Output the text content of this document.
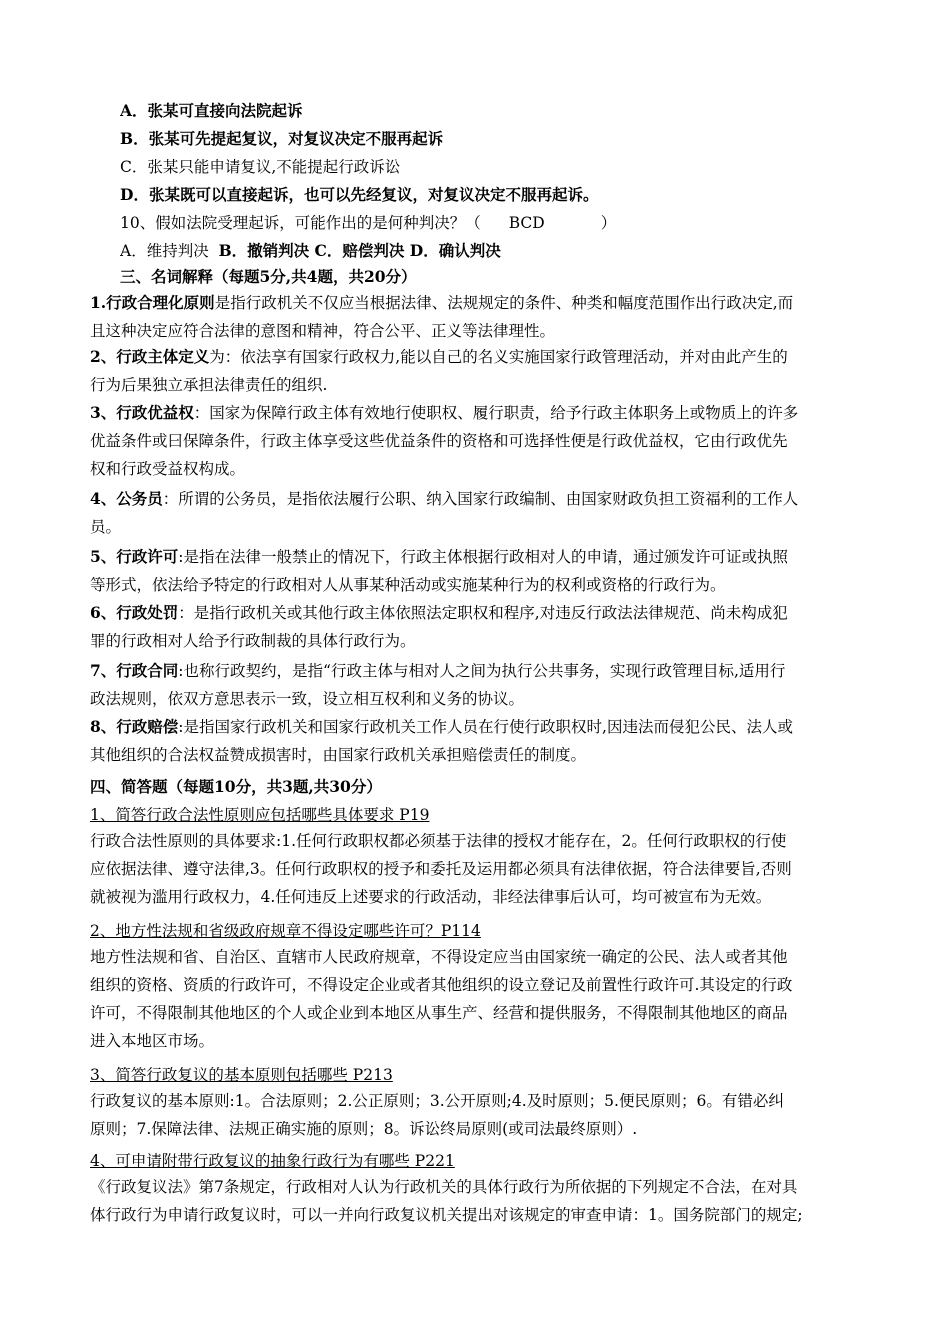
A．张某可直接向法院起诉
B．张某可先提起复议，对复议决定不服再起诉
C．张某只能申请复议,不能提起行政诉讼
D．张某既可以直接起诉，也可以先经复议，对复议决定不服再起诉。
10、假如法院受理起诉，可能作出的是何种判决？（ BCD	）
A．维持判决 B．撤销判决 C．赔偿判决 D．确认判决
三、名词解释（每题5分,共4题，共20分）
1.行政合理化原则是指行政机关不仅应当根据法律、法规规定的条件、种类和幅度范围作出行政决定,而
且这种决定应符合法律的意图和精神，符合公平、正义等法律理性。
2、行政主体定义为：依法享有国家行政权力,能以自己的名义实施国家行政管理活动，并对由此产生的
行为后果独立承担法律责任的组织.
3、行政优益权：国家为保障行政主体有效地行使职权、履行职责，给予行政主体职务上或物质上的许多
优益条件或曰保障条件，行政主体享受这些优益条件的资格和可选择性便是行政优益权，它由行政优先
权和行政受益权构成。
4、公务员：所谓的公务员，是指依法履行公职、纳入国家行政编制、由国家财政负担工资福利的工作人
员。
5、行政许可:是指在法律一般禁止的情况下，行政主体根据行政相对人的申请，通过颁发许可证或执照
等形式，依法给予特定的行政相对人从事某种活动或实施某种行为的权利或资格的行政行为。
6、行政处罚：是指行政机关或其他行政主体依照法定职权和程序,对违反行政法法律规范、尚未构成犯
罪的行政相对人给予行政制裁的具体行政行为。
7、行政合同:也称行政契约，是指“行政主体与相对人之间为执行公共事务，实现行政管理目标,适用行
政法规则，依双方意思表示一致，设立相互权利和义务的协议。
8、行政赔偿:是指国家行政机关和国家行政机关工作人员在行使行政职权时,因违法而侵犯公民、法人或
其他组织的合法权益赞成损害时，由国家行政机关承担赔偿责任的制度。
四、简答题（每题10分，共3题,共30分）
1、简答行政合法性原则应包括哪些具体要求 P19
行政合法性原则的具体要求:1.任何行政职权都必须基于法律的授权才能存在，2。任何行政职权的行使
应依据法律、遵守法律,3。任何行政职权的授予和委托及运用都必须具有法律依据，符合法律要旨,否则
就被视为滥用行政权力，4.任何违反上述要求的行政活动，非经法律事后认可，均可被宣布为无效。
2、地方性法规和省级政府规章不得设定哪些许可？P114
地方性法规和省、自治区、直辖市人民政府规章，不得设定应当由国家统一确定的公民、法人或者其他
组织的资格、资质的行政许可，不得设定企业或者其他组织的设立登记及前置性行政许可.其设定的行政
许可，不得限制其他地区的个人或企业到本地区从事生产、经营和提供服务，不得限制其他地区的商品
进入本地区市场。
3、简答行政复议的基本原则包括哪些 P213
行政复议的基本原则:1。合法原则；2.公正原则；3.公开原则;4.及时原则；5.便民原则；6。有错必纠
原则；7.保障法律、法规正确实施的原则；8。诉讼终局原则(或司法最终原则）.
4、可申请附带行政复议的抽象行政行为有哪些 P221
《行政复议法》第7条规定，行政相对人认为行政机关的具体行政行为所依据的下列规定不合法，在对具
体行政行为申请行政复议时，可以一并向行政复议机关提出对该规定的审查申请：1。国务院部门的规定;
